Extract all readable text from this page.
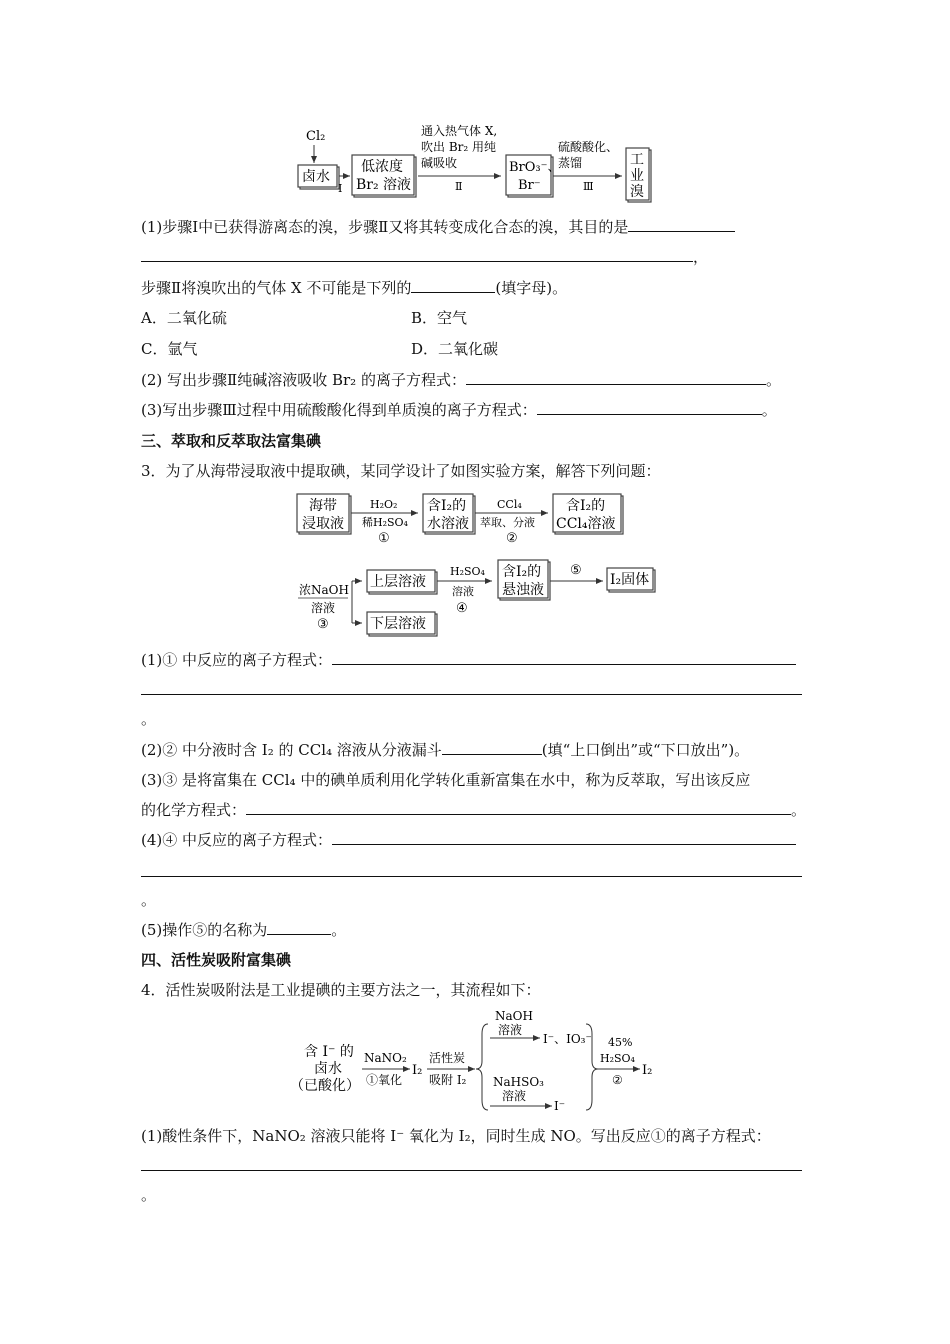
Cl₂
卤水
Ⅰ
低浓度
Br₂ 溶液
通入热气体 X,
吹出 Br₂ 用纯
碱吸收
Ⅱ
BrO₃⁻、
Br⁻
硫酸酸化、
蒸馏
Ⅲ
工
业
溴
(1)步骤Ⅰ中已获得游离态的溴，步骤Ⅱ又将其转变成化合态的溴，其目的是
，
步骤Ⅱ将溴吹出的气体 X 不可能是下列的	(填字母)。
A．二氧化硫	B．空气
C．氩气	D．二氧化碳
(2) 写出步骤Ⅱ纯碱溶液吸收 Br₂ 的离子方程式：	。
(3)写出步骤Ⅲ过程中用硫酸酸化得到单质溴的离子方程式：	。
三、萃取和反萃取法富集碘
3．为了从海带浸取液中提取碘，某同学设计了如图实验方案，解答下列问题：
海带
浸取液
H₂O₂
稀H₂SO₄
①
含I₂的
水溶液
CCl₄
萃取、分液
②
含I₂的
CCl₄溶液
浓NaOH
溶液
③
上层溶液
下层溶液
H₂SO₄
溶液
④
含I₂的
悬浊液
⑤
I₂固体
(1)① 中反应的离子方程式：
。
(2)② 中分液时含 I₂ 的 CCl₄ 溶液从分液漏斗	(填“上口倒出”或“下口放出”)。
(3)③ 是将富集在 CCl₄ 中的碘单质利用化学转化重新富集在水中，称为反萃取，写出该反应
的化学方程式：	。
(4)④ 中反应的离子方程式：
。
(5)操作⑤的名称为	。
四、活性炭吸附富集碘
4．活性炭吸附法是工业提碘的主要方法之一，其流程如下：
含 I⁻ 的
卤水
（已酸化）
NaNO₂
①氧化
I₂
活性炭
吸附 I₂
NaOH
溶液
I⁻、IO₃⁻
NaHSO₃
溶液
I⁻
45%
H₂SO₄
②
I₂
(1)酸性条件下，NaNO₂ 溶液只能将 I⁻ 氧化为 I₂，同时生成 NO。写出反应①的离子方程式：
。
